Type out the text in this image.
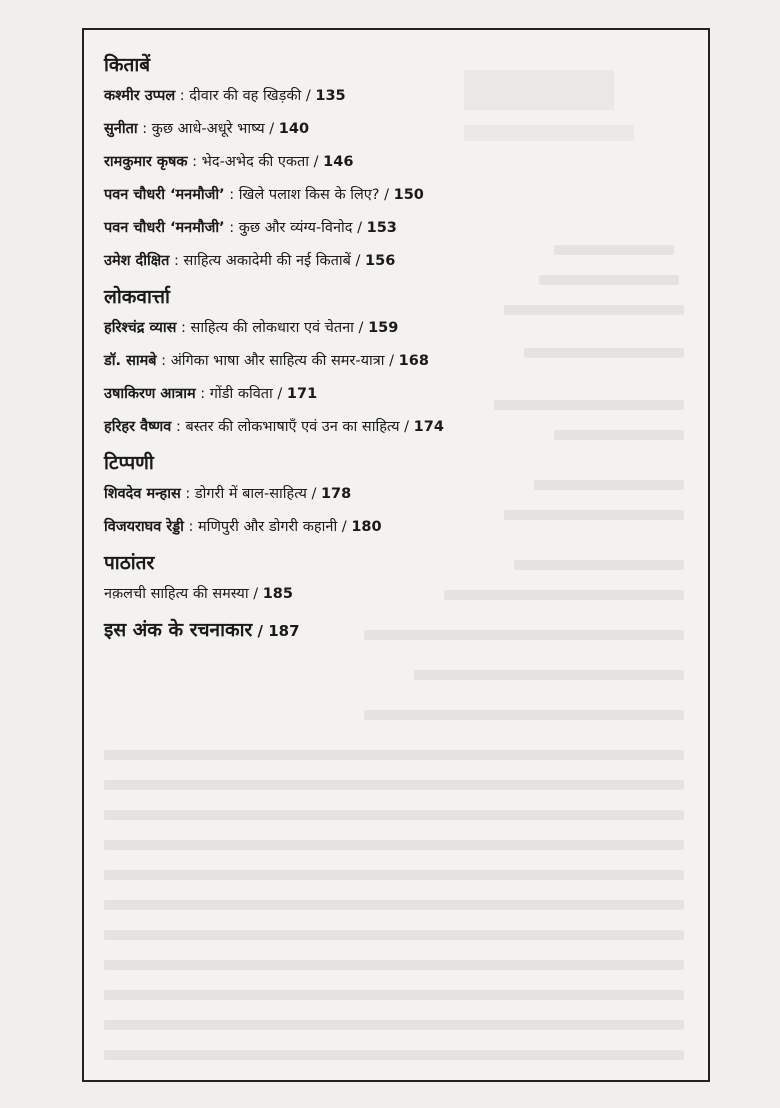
किताबें
कश्मीर उप्पल : दीवार की वह खिड़की / 135
सुनीता : कुछ आधे-अधूरे भाष्य / 140
रामकुमार कृषक : भेद-अभेद की एकता / 146
पवन चौधरी ‘मनमौजी’ : खिले पलाश किस के लिए? / 150
पवन चौधरी ‘मनमौजी’ : कुछ और व्यंग्य-विनोद / 153
उमेश दीक्षित : साहित्य अकादेमी की नई किताबें / 156
लोकवार्त्ता
हरिश्चंद्र व्यास : साहित्य की लोकधारा एवं चेतना / 159
डॉ. सामबे : अंगिका भाषा और साहित्य की समर-यात्रा / 168
उषाकिरण आत्राम : गोंडी कविता / 171
हरिहर वैष्णव : बस्तर की लोकभाषाएँ एवं उन का साहित्य / 174
टिप्पणी
शिवदेव मन्हास : डोगरी में बाल-साहित्य / 178
विजयराघव रेड्डी : मणिपुरी और डोगरी कहानी / 180
पाठांतर
नक़लची साहित्य की समस्या / 185
इस अंक के रचनाकार / 187
